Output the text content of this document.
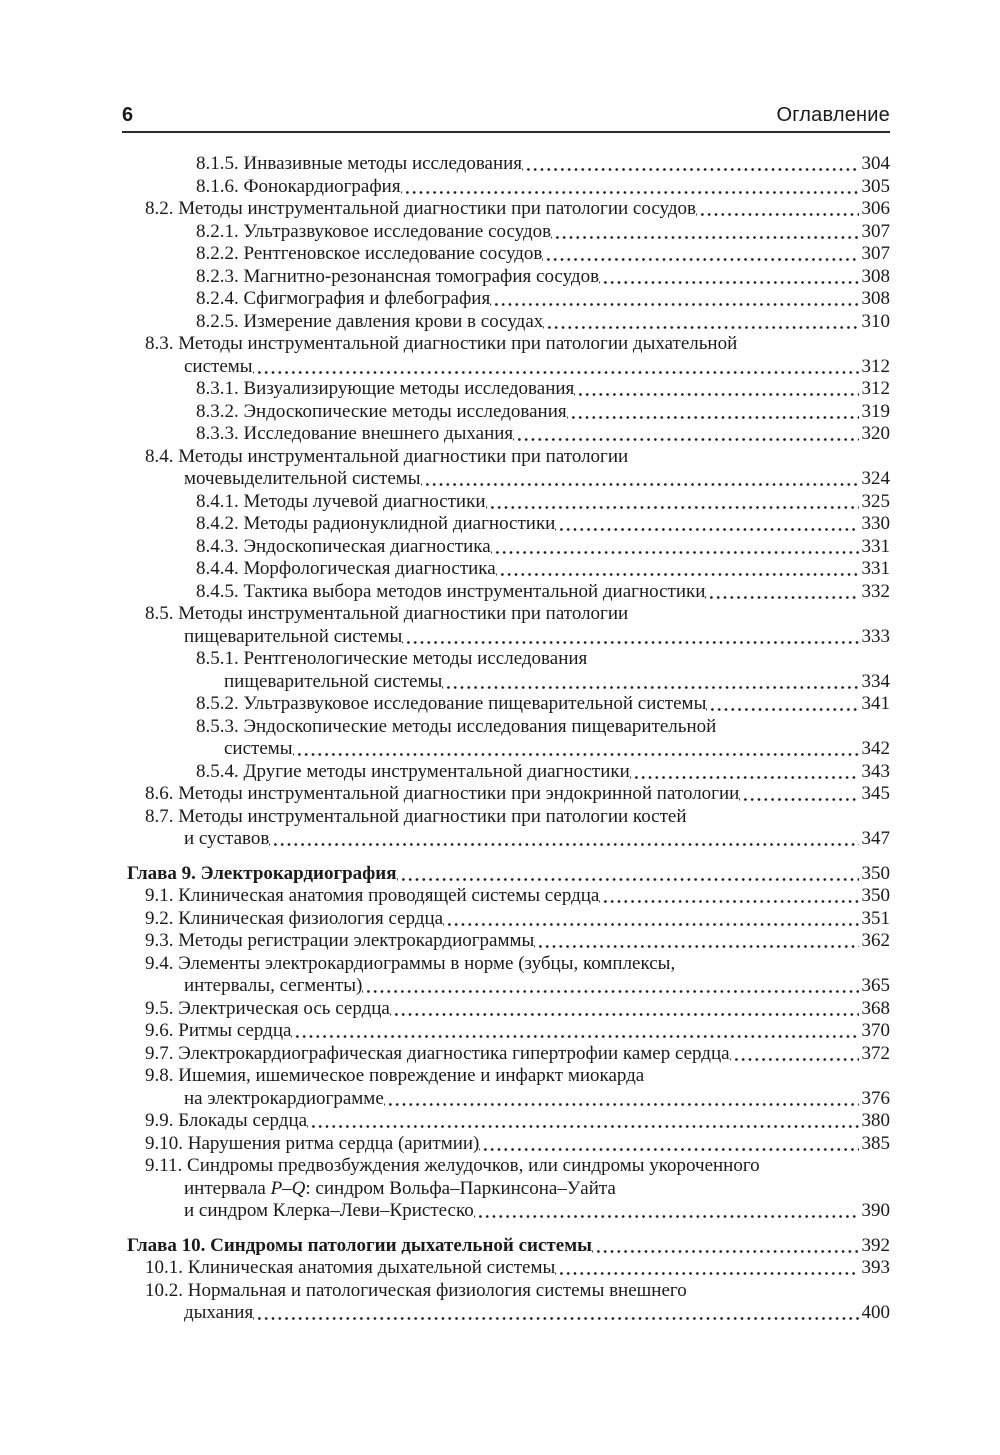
6	Оглавление
8.1.5. Инвазивные методы исследования	304
8.1.6. Фонокардиография	305
8.2. Методы инструментальной диагностики при патологии сосудов	306
8.2.1. Ультразвуковое исследование сосудов	307
8.2.2. Рентгеновское исследование сосудов	307
8.2.3. Магнитно-резонансная томография сосудов	308
8.2.4. Сфигмография и флебография	308
8.2.5. Измерение давления крови в сосудах	310
8.3. Методы инструментальной диагностики при патологии дыхательной
системы	312
8.3.1. Визуализирующие методы исследования	312
8.3.2. Эндоскопические методы исследования	319
8.3.3. Исследование внешнего дыхания	320
8.4. Методы инструментальной диагностики при патологии
мочевыделительной системы	324
8.4.1. Методы лучевой диагностики	325
8.4.2. Методы радионуклидной диагностики	330
8.4.3. Эндоскопическая диагностика	331
8.4.4. Морфологическая диагностика	331
8.4.5. Тактика выбора методов инструментальной диагностики	332
8.5. Методы инструментальной диагностики при патологии
пищеварительной системы	333
8.5.1. Рентгенологические методы исследования
пищеварительной системы	334
8.5.2. Ультразвуковое исследование пищеварительной системы	341
8.5.3. Эндоскопические методы исследования пищеварительной
системы	342
8.5.4. Другие методы инструментальной диагностики	343
8.6. Методы инструментальной диагностики при эндокринной патологии	345
8.7. Методы инструментальной диагностики при патологии костей
и суставов	347
Глава 9. Электрокардиография	350
9.1. Клиническая анатомия проводящей системы сердца	350
9.2. Клиническая физиология сердца	351
9.3. Методы регистрации электрокардиограммы	362
9.4. Элементы электрокардиограммы в норме (зубцы, комплексы,
интервалы, сегменты)	365
9.5. Электрическая ось сердца	368
9.6. Ритмы сердца	370
9.7. Электрокардиографическая диагностика гипертрофии камер сердца	372
9.8. Ишемия, ишемическое повреждение и инфаркт миокарда
на электрокардиограмме	376
9.9. Блокады сердца	380
9.10. Нарушения ритма сердца (аритмии)	385
9.11. Синдромы предвозбуждения желудочков, или синдромы укороченного
интервала P–Q: синдром Вольфа–Паркинсона–Уайта
и синдром Клерка–Леви–Кристеско	390
Глава 10. Синдромы патологии дыхательной системы	392
10.1. Клиническая анатомия дыхательной системы	393
10.2. Нормальная и патологическая физиология системы внешнего
дыхания	400
